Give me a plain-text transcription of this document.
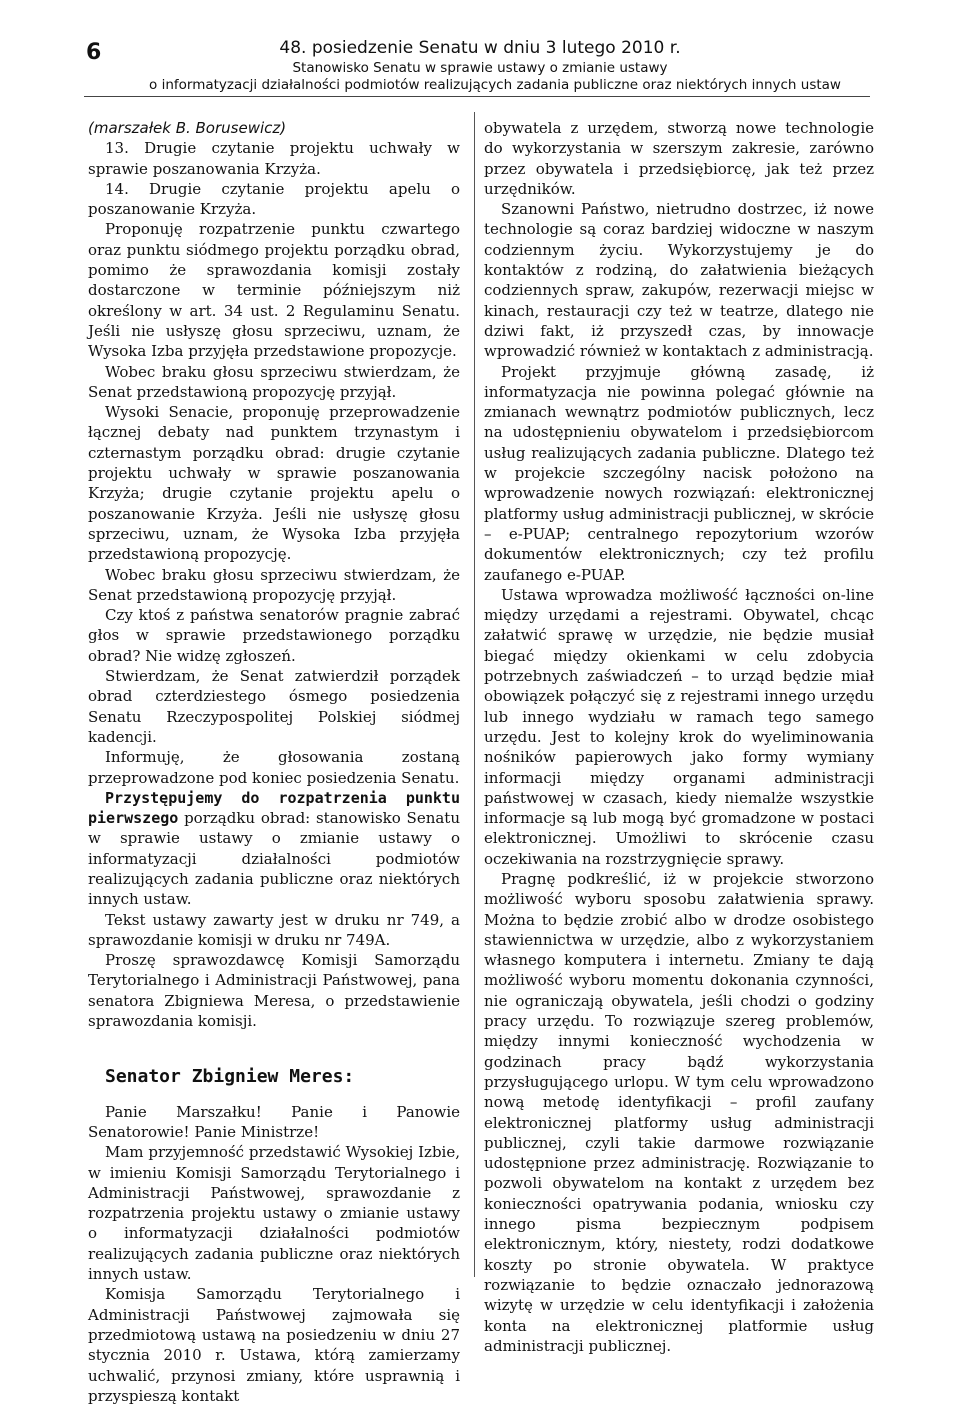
6	48. posiedzenie Senatu w dniu 3 lutego 2010 r.
Stanowisko Senatu w sprawie ustawy o zmianie ustawy
o informatyzacji działalności podmiotów realizujących zadania publiczne oraz niektórych innych ustaw

(marszałek B. Borusewicz)

13. Drugie czytanie projektu uchwały w sprawie poszanowania Krzyża.

14. Drugie czytanie projektu apelu o poszanowanie Krzyża.

Proponuję rozpatrzenie punktu czwartego oraz punktu siódmego projektu porządku obrad, pomimo że sprawozdania komisji zostały dostarczone w terminie późniejszym niż określony w art. 34 ust. 2 Regulaminu Senatu. Jeśli nie usłyszę głosu sprzeciwu, uznam, że Wysoka Izba przyjęła przedstawione propozycje.

Wobec braku głosu sprzeciwu stwierdzam, że Senat przedstawioną propozycję przyjął.

Wysoki Senacie, proponuję przeprowadzenie łącznej debaty nad punktem trzynastym i czternastym porządku obrad: drugie czytanie projektu uchwały w sprawie poszanowania Krzyża; drugie czytanie projektu apelu o poszanowanie Krzyża. Jeśli nie usłyszę głosu sprzeciwu, uznam, że Wysoka Izba przyjęła przedstawioną propozycję.

Wobec braku głosu sprzeciwu stwierdzam, że Senat przedstawioną propozycję przyjął.

Czy ktoś z państwa senatorów pragnie zabrać głos w sprawie przedstawionego porządku obrad? Nie widzę zgłoszeń.

Stwierdzam, że Senat zatwierdził porządek obrad czterdziestego ósmego posiedzenia Senatu Rzeczypospolitej Polskiej siódmej kadencji.

Informuję, że głosowania zostaną przeprowadzone pod koniec posiedzenia Senatu.

Przystępujemy do rozpatrzenia punktu pierwszego porządku obrad: stanowisko Senatu w sprawie ustawy o zmianie ustawy o informatyzacji działalności podmiotów realizujących zadania publiczne oraz niektórych innych ustaw.

Tekst ustawy zawarty jest w druku nr 749, a sprawozdanie komisji w druku nr 749A.

Proszę sprawozdawcę Komisji Samorządu Terytorialnego i Administracji Państwowej, pana senatora Zbigniewa Meresa, o przedstawienie sprawozdania komisji.

Senator Zbigniew Meres:

Panie Marszałku! Panie i Panowie Senatorowie! Panie Ministrze!

Mam przyjemność przedstawić Wysokiej Izbie, w imieniu Komisji Samorządu Terytorialnego i Administracji Państwowej, sprawozdanie z rozpatrzenia projektu ustawy o zmianie ustawy o informatyzacji działalności podmiotów realizujących zadania publiczne oraz niektórych innych ustaw.

Komisja Samorządu Terytorialnego i Administracji Państwowej zajmowała się przedmiotową ustawą na posiedzeniu w dniu 27 stycznia 2010 r. Ustawa, którą zamierzamy uchwalić, przynosi zmiany, które usprawnią i przyspieszą kontakt

obywatela z urzędem, stworzą nowe technologie do wykorzystania w szerszym zakresie, zarówno przez obywatela i przedsiębiorcę, jak też przez urzędników.

Szanowni Państwo, nietrudno dostrzec, iż nowe technologie są coraz bardziej widoczne w naszym codziennym życiu. Wykorzystujemy je do kontaktów z rodziną, do załatwienia bieżących codziennych spraw, zakupów, rezerwacji miejsc w kinach, restauracji czy też w teatrze, dlatego nie dziwi fakt, iż przyszedł czas, by innowacje wprowadzić również w kontaktach z administracją.

Projekt przyjmuje główną zasadę, iż informatyzacja nie powinna polegać głównie na zmianach wewnątrz podmiotów publicznych, lecz na udostępnieniu obywatelom i przedsiębiorcom usług realizujących zadania publiczne. Dlatego też w projekcie szczególny nacisk położono na wprowadzenie nowych rozwiązań: elektronicznej platformy usług administracji publicznej, w skrócie – e-PUAP; centralnego repozytorium wzorów dokumentów elektronicznych; czy też profilu zaufanego e-PUAP.

Ustawa wprowadza możliwość łączności on-line między urzędami a rejestrami. Obywatel, chcąc załatwić sprawę w urzędzie, nie będzie musiał biegać między okienkami w celu zdobycia potrzebnych zaświadczeń – to urząd będzie miał obowiązek połączyć się z rejestrami innego urzędu lub innego wydziału w ramach tego samego urzędu. Jest to kolejny krok do wyeliminowania nośników papierowych jako formy wymiany informacji między organami administracji państwowej w czasach, kiedy niemalże wszystkie informacje są lub mogą być gromadzone w postaci elektronicznej. Umożliwi to skrócenie czasu oczekiwania na rozstrzygnięcie sprawy.

Pragnę podkreślić, iż w projekcie stworzono możliwość wyboru sposobu załatwienia sprawy. Można to będzie zrobić albo w drodze osobistego stawiennictwa w urzędzie, albo z wykorzystaniem własnego komputera i internetu. Zmiany te dają możliwość wyboru momentu dokonania czynności, nie ograniczają obywatela, jeśli chodzi o godziny pracy urzędu. To rozwiązuje szereg problemów, między innymi konieczność wychodzenia w godzinach pracy bądź wykorzystania przysługującego urlopu. W tym celu wprowadzono nową metodę identyfikacji – profil zaufany elektronicznej platformy usług administracji publicznej, czyli takie darmowe rozwiązanie udostępnione przez administrację. Rozwiązanie to pozwoli obywatelom na kontakt z urzędem bez konieczności opatrywania podania, wniosku czy innego pisma bezpiecznym podpisem elektronicznym, który, niestety, rodzi dodatkowe koszty po stronie obywatela. W praktyce rozwiązanie to będzie oznaczało jednorazową wizytę w urzędzie w celu identyfikacji i założenia konta na elektronicznej platformie usług administracji publicznej.
